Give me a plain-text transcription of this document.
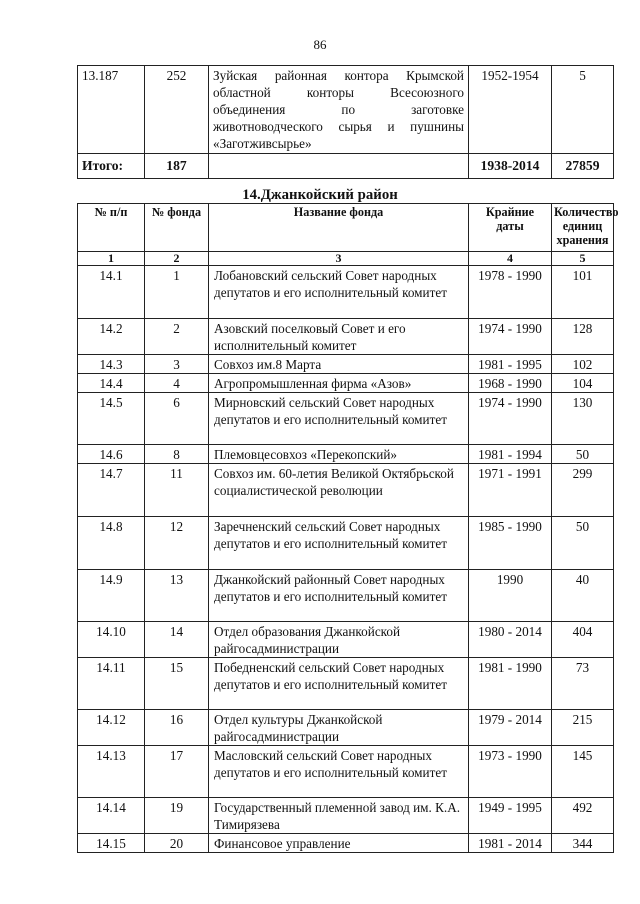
86
13.187	252	Зуйская районная контора Крымской областной конторы Всесоюзного объединения по заготовке животноводческого сырья и пушнины «Заготживсырье»	1952-1954	5
Итого:	187		1938-2014	27859
14.Джанкойский район
№ п/п	№ фонда	Название фонда	Крайние даты	Количество единиц хранения
1	2	3	4	5
14.1	1	Лобановский сельский Совет народных депутатов и его исполнительный комитет	1978 - 1990	101
14.2	2	Азовский поселковый Совет и его исполнительный комитет	1974 - 1990	128
14.3	3	Совхоз им.8 Марта	1981 - 1995	102
14.4	4	Агропромышленная фирма «Азов»	1968 - 1990	104
14.5	6	Мирновский сельский Совет народных депутатов и его исполнительный комитет	1974 - 1990	130
14.6	8	Племовцесовхоз «Перекопский»	1981 - 1994	50
14.7	11	Совхоз им. 60-летия Великой Октябрьской социалистической революции	1971 - 1991	299
14.8	12	Заречненский сельский Совет народных депутатов и его исполнительный комитет	1985 - 1990	50
14.9	13	Джанкойский районный Совет народных депутатов и его исполнительный комитет	1990	40
14.10	14	Отдел образования Джанкойской райгосадминистрации	1980 - 2014	404
14.11	15	Победненский сельский Совет народных депутатов и его исполнительный комитет	1981 - 1990	73
14.12	16	Отдел культуры Джанкойской райгосадминистрации	1979 - 2014	215
14.13	17	Масловский сельский Совет народных депутатов и его исполнительный комитет	1973 - 1990	145
14.14	19	Государственный племенной завод им. К.А. Тимирязева	1949 - 1995	492
14.15	20	Финансовое управление	1981 - 2014	344
